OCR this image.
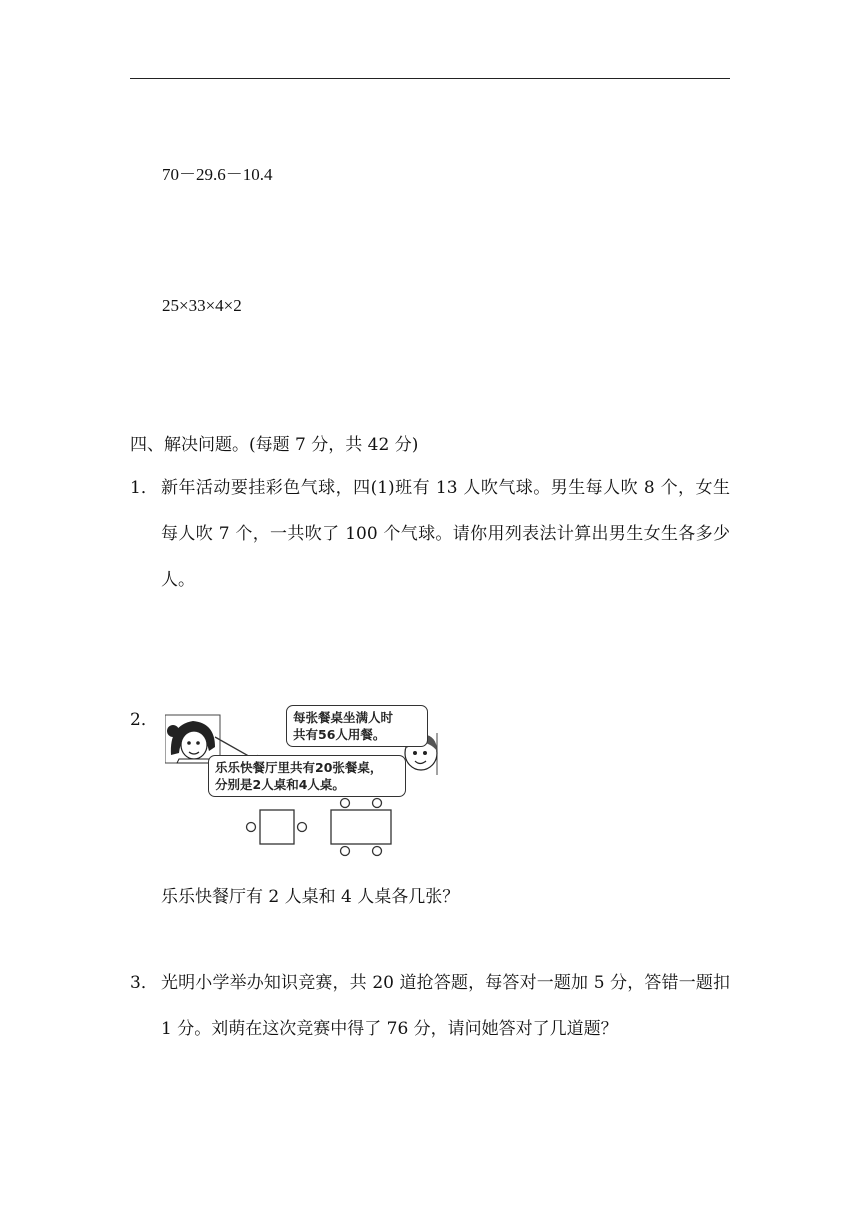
70－29.6－10.4
25×33×4×2
四、解决问题。(每题 7 分，共 42 分)
1． 新年活动要挂彩色气球，四(1)班有 13 人吹气球。男生每人吹 8 个，女生每人吹 7 个，一共吹了 100 个气球。请你用列表法计算出男生女生各多少人。
2．	每张餐桌坐满人时
共有56人用餐。
乐乐快餐厅里共有20张餐桌，
分别是2人桌和4人桌。
乐乐快餐厅有 2 人桌和 4 人桌各几张？
3． 光明小学举办知识竞赛，共 20 道抢答题，每答对一题加 5 分，答错一题扣 1 分。刘萌在这次竞赛中得了 76 分，请问她答对了几道题？
